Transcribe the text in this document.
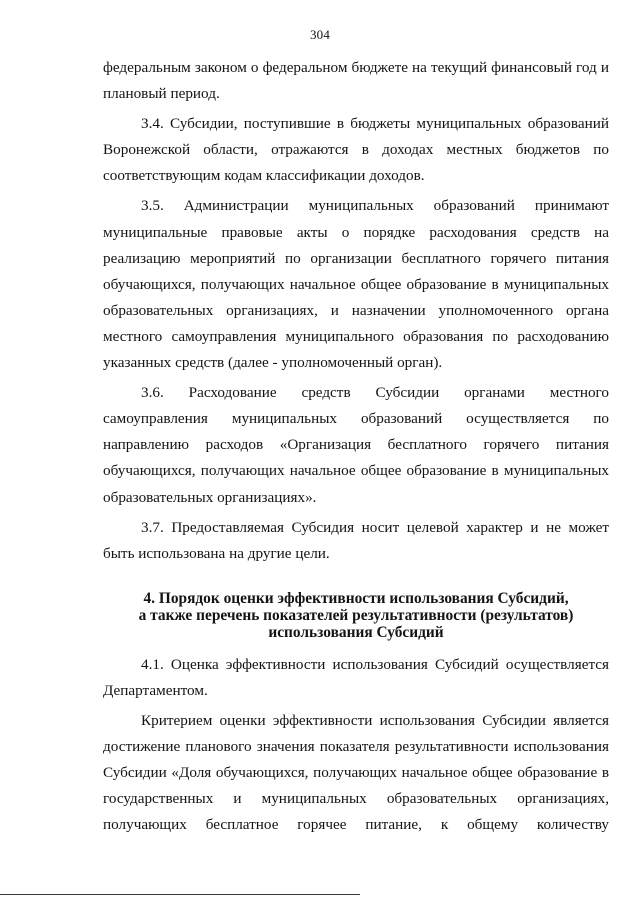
304

федеральным законом о федеральном бюджете на текущий финансовый год и плановый период.

3.4. Субсидии, поступившие в бюджеты муниципальных образований Воронежской области, отражаются в доходах местных бюджетов по соответствующим кодам классификации доходов.

3.5. Администрации муниципальных образований принимают муниципальные правовые акты о порядке расходования средств на реализацию мероприятий по организации бесплатного горячего питания обучающихся, получающих начальное общее образование в муниципальных образовательных организациях, и назначении уполномоченного органа местного самоуправления муниципального образования по расходованию указанных средств (далее - уполномоченный орган).

3.6. Расходование средств Субсидии органами местного самоуправления муниципальных образований осуществляется по направлению расходов «Организация бесплатного горячего питания обучающихся, получающих начальное общее образование в муниципальных образовательных организациях».

3.7. Предоставляемая Субсидия носит целевой характер и не может быть использована на другие цели.

4. Порядок оценки эффективности использования Субсидий,
а также перечень показателей результативности (результатов)
использования Субсидий

4.1. Оценка эффективности использования Субсидий осуществляется Департаментом.

Критерием оценки эффективности использования Субсидии является достижение планового значения показателя результативности использования Субсидии «Доля обучающихся, получающих начальное общее образование в государственных и муниципальных образовательных организациях, получающих бесплатное горячее питание, к общему количеству
